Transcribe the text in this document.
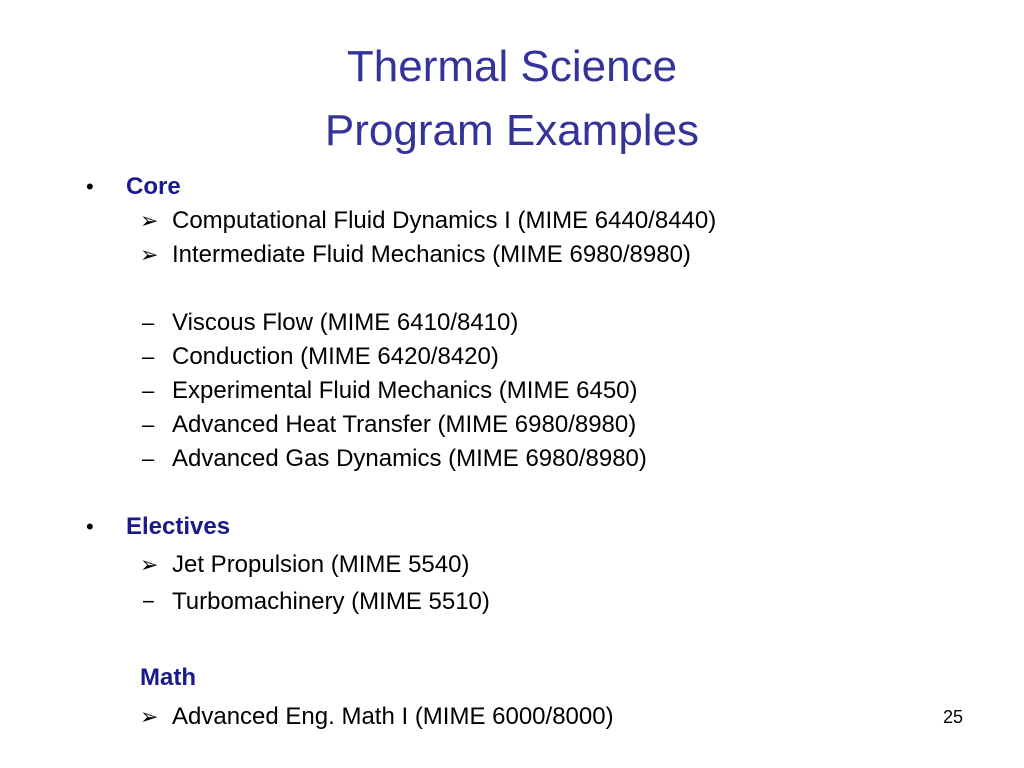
Thermal Science
Program Examples
• Core
➢ Computational Fluid Dynamics I (MIME 6440/8440)
➢ Intermediate Fluid Mechanics (MIME 6980/8980)
– Viscous Flow (MIME 6410/8410)
– Conduction (MIME 6420/8420)
– Experimental Fluid Mechanics (MIME 6450)
– Advanced Heat Transfer (MIME 6980/8980)
– Advanced Gas Dynamics (MIME 6980/8980)
• Electives
➢ Jet Propulsion (MIME 5540)
− Turbomachinery (MIME 5510)
Math
➢ Advanced Eng. Math I (MIME 6000/8000)	25
